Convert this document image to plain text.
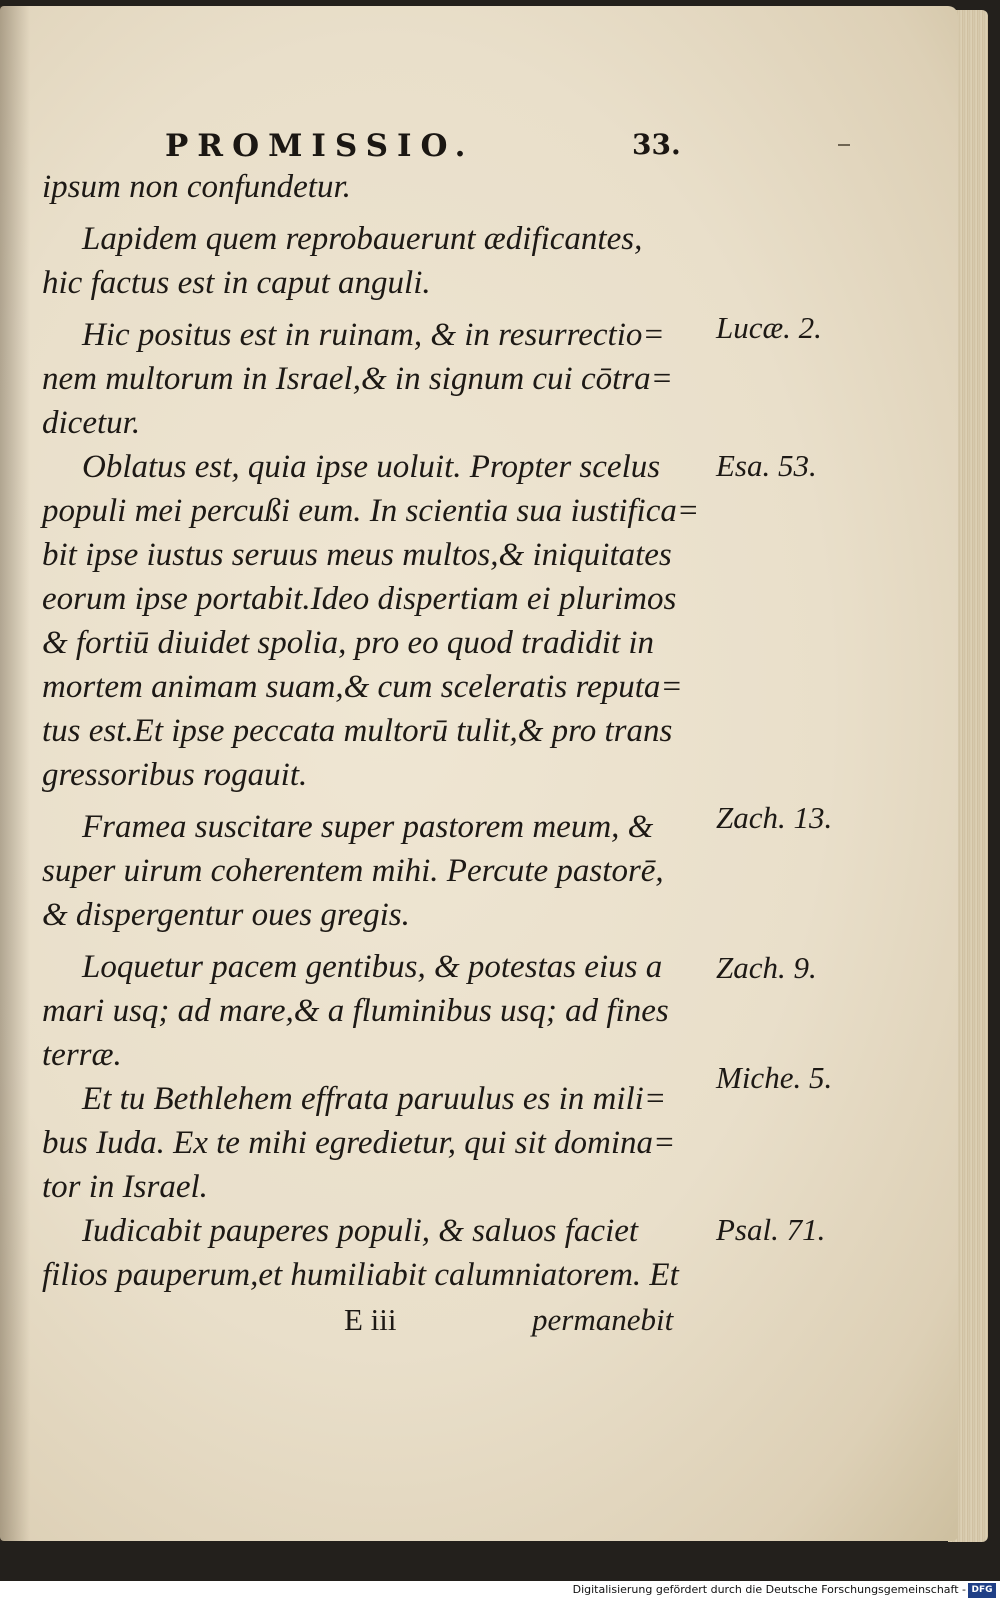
PROMISSIO.	33.
ipsum non confundetur.
Lapidem quem reprobauerunt ædificantes,
hic factus est in caput anguli.
Hic positus est in ruinam, & in resurrectio=
nem multorum in Israel,& in signum cui cōtra=
dicetur.
Oblatus est, quia ipse uoluit. Propter scelus
populi mei percußi eum. In scientia sua iustifica=
bit ipse iustus seruus meus multos,& iniquitates
eorum ipse portabit.Ideo dispertiam ei plurimos
& fortiū diuidet spolia, pro eo quod tradidit in
mortem animam suam,& cum sceleratis reputa=
tus est.Et ipse peccata multorū tulit,& pro trans
gressoribus rogauit.
Framea suscitare super pastorem meum, &
super uirum coherentem mihi. Percute pastorē,
& dispergentur oues gregis.
Loquetur pacem gentibus, & potestas eius a
mari usq; ad mare,& a fluminibus usq; ad fines
terræ.
Et tu Bethlehem effrata paruulus es in mili=
bus Iuda. Ex te mihi egredietur, qui sit domina=
tor in Israel.
Iudicabit pauperes populi, & saluos faciet
filios pauperum,et humiliabit calumniatorem. Et
Lucæ. 2.
Esa. 53.
Zach. 13.
Zach. 9.
Miche. 5.
Psal. 71.
E iii	permanebit
Digitalisierung gefördert durch die Deutsche Forschungsgemeinschaft - DFG
